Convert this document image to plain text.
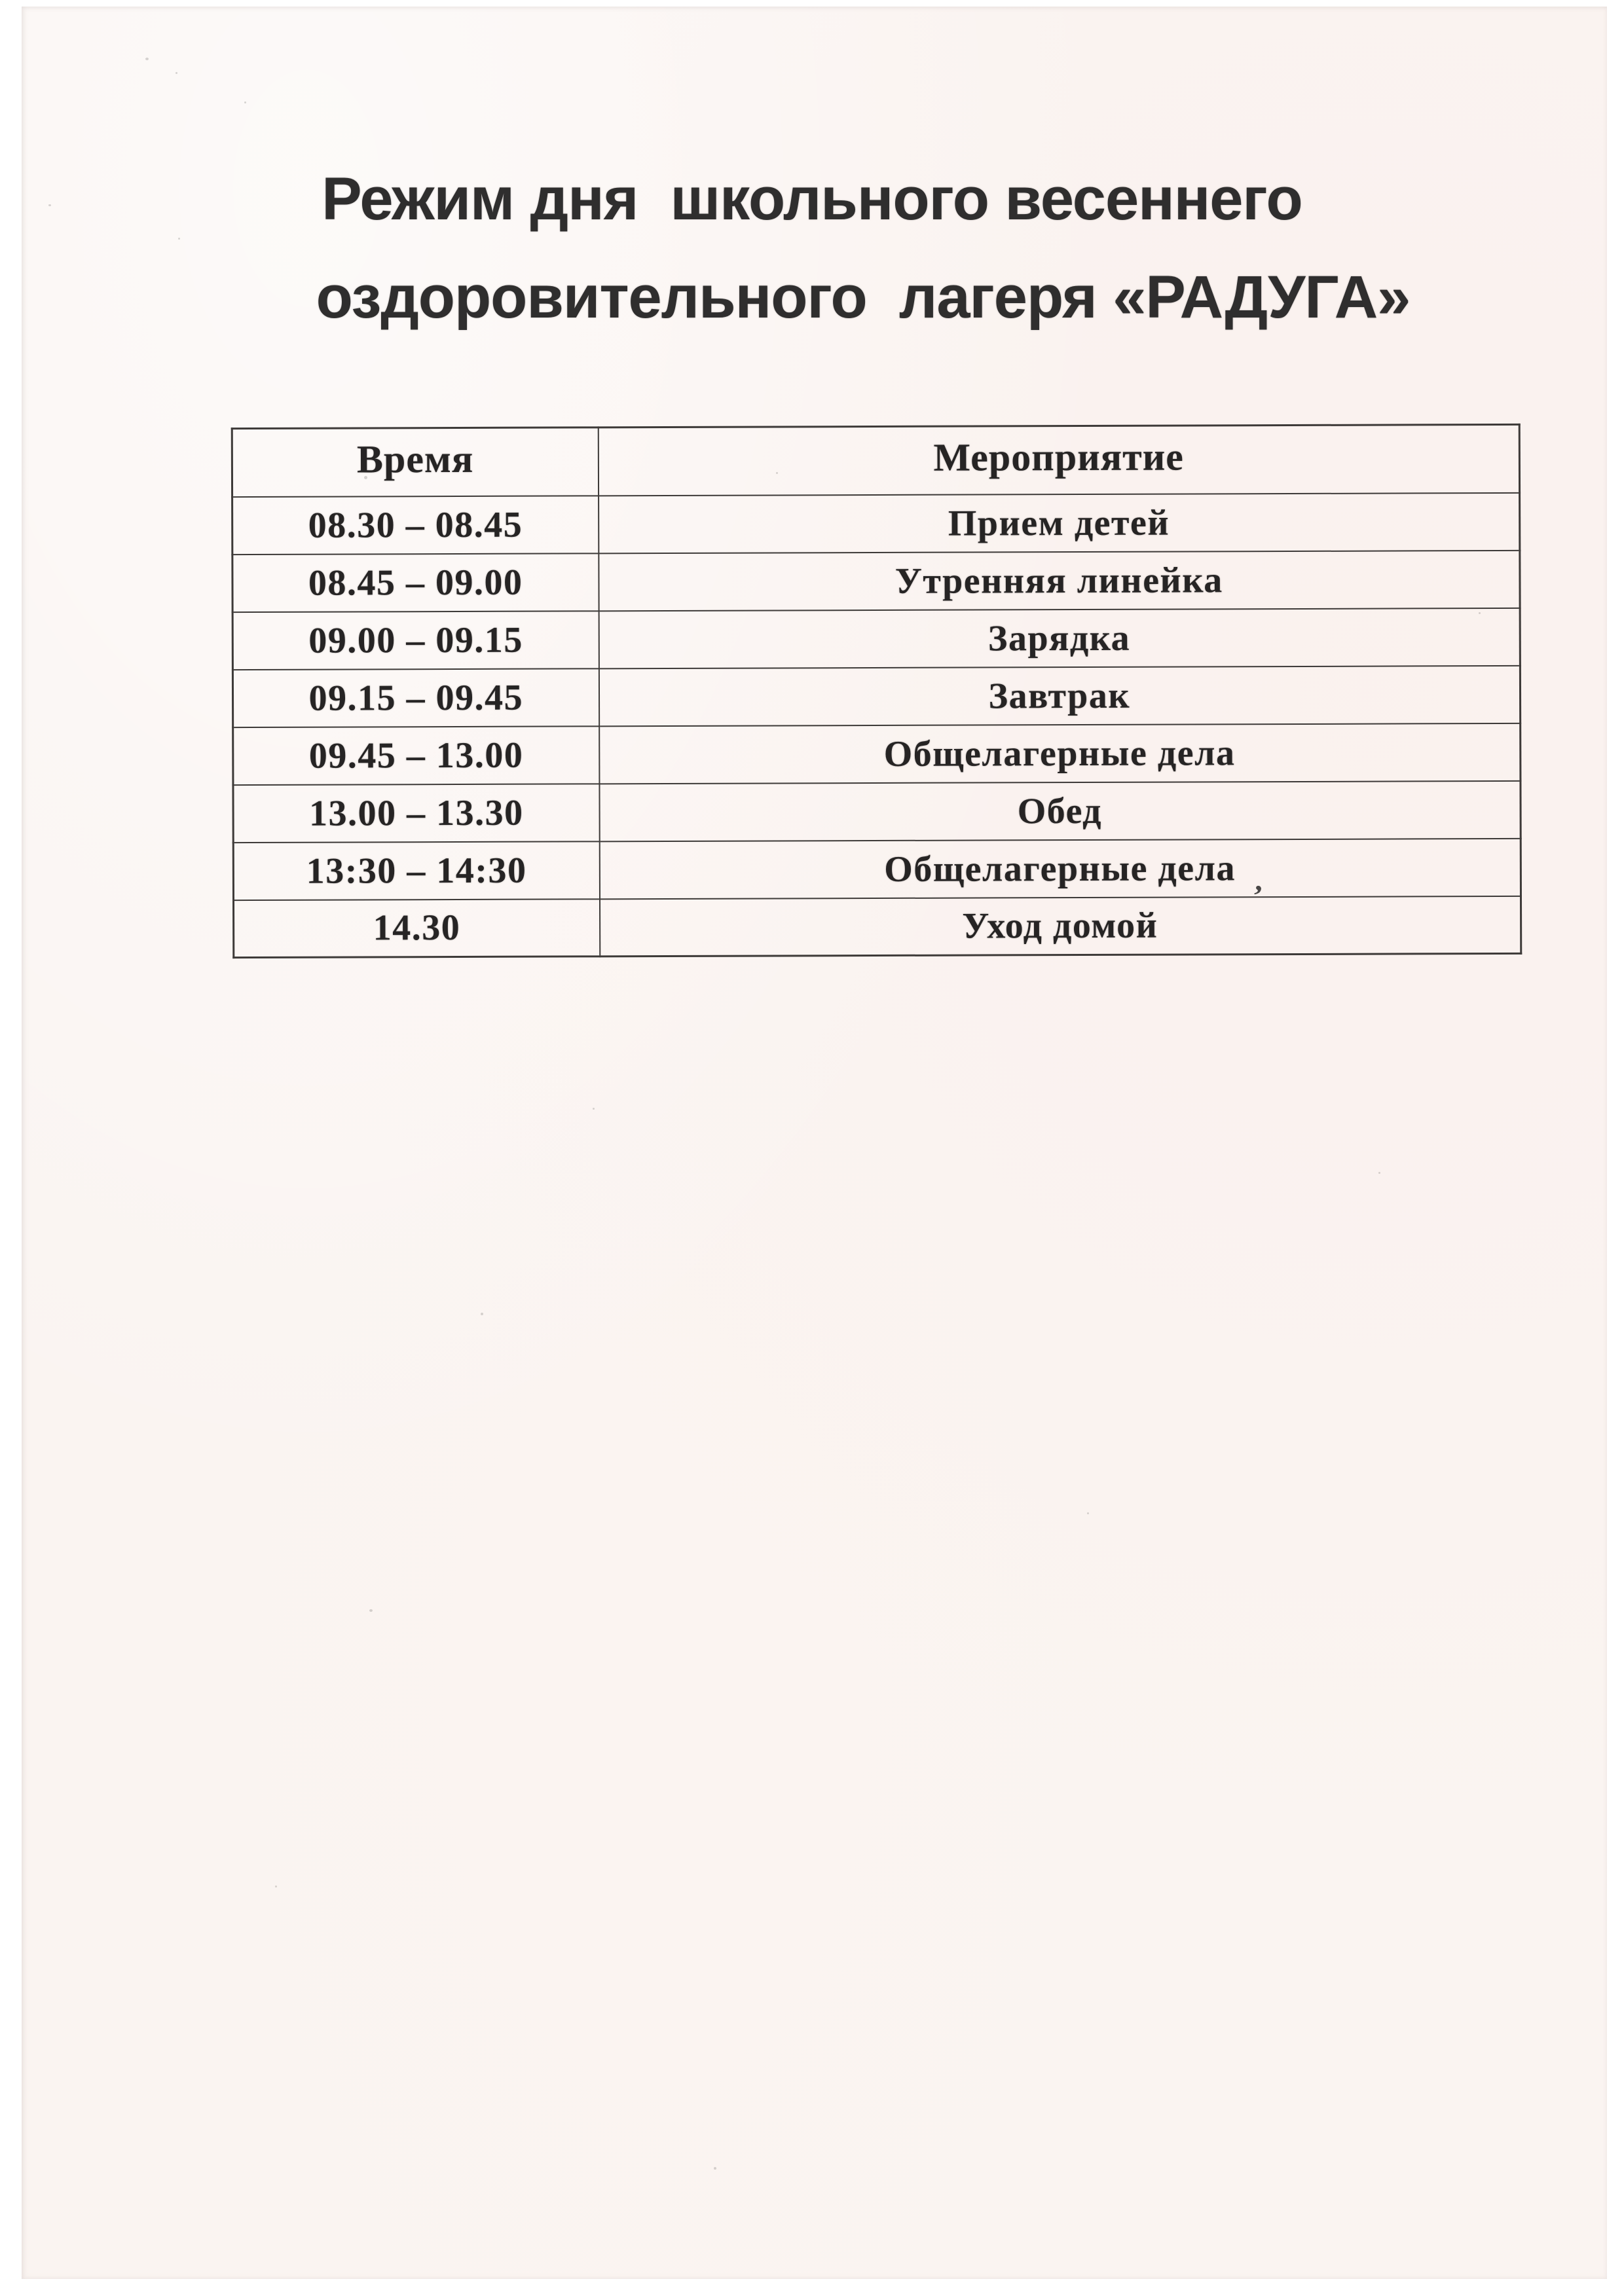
Режим дня  школьного весеннего
оздоровительного  лагеря «РАДУГА»
Время	Мероприятие
08.30 – 08.45	Прием детей
08.45 – 09.00	Утренняя линейка
09.00 – 09.15	Зарядка
09.15 – 09.45	Завтрак
09.45 – 13.00	Общелагерные дела
13.00 – 13.30	Обед
13:30 – 14:30	Общелагерные дела
14.30	Уход домой
,
